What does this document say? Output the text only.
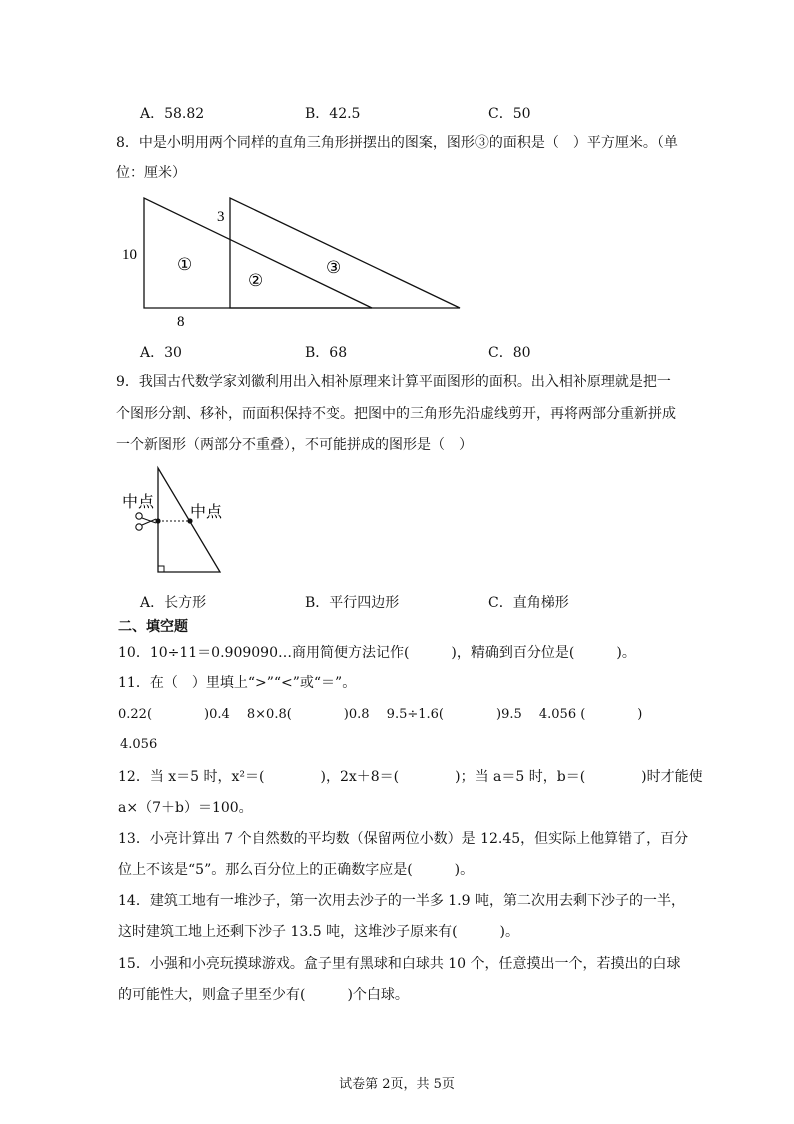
A．58.82	B．42.5	C．50
8．中是小明用两个同样的直角三角形拼摆出的图案，图形③的面积是（　）平方厘米。（单
位：厘米）
10
3
8
①
②
③
A．30	B．68	C．80
9．我国古代数学家刘徽利用出入相补原理来计算平面图形的面积。出入相补原理就是把一
个图形分割、移补，而面积保持不变。把图中的三角形先沿虚线剪开，再将两部分重新拼成
一个新图形（两部分不重叠），不可能拼成的图形是（　）
中点
中点
A．长方形	B．平行四边形	C．直角梯形
二、填空题
10．10÷11＝0.909090…商用简便方法记作(　　　)，精确到百分位是(　　　)。
11．在（　）里填上“>”“<”或“＝”。
0.22(　　　　)0.4　 8×0.8(　　　　)0.8　 9.5÷1.6(　　　　)9.5　 4.056 (　　　　)
4.056
12．当 x＝5 时，x²＝(　　　　)，2x＋8＝(　　　　)；当 a＝5 时，b＝(　　　　)时才能使
a×（7＋b）＝100。
13．小亮计算出 7 个自然数的平均数（保留两位小数）是 12.45，但实际上他算错了，百分
位上不该是“5”。那么百分位上的正确数字应是(　　　)。
14．建筑工地有一堆沙子，第一次用去沙子的一半多 1.9 吨，第二次用去剩下沙子的一半，
这时建筑工地上还剩下沙子 13.5 吨，这堆沙子原来有(　　　)。
15．小强和小亮玩摸球游戏。盒子里有黑球和白球共 10 个，任意摸出一个，若摸出的白球
的可能性大，则盒子里至少有(　　　)个白球。
试卷第 2页，共 5页
